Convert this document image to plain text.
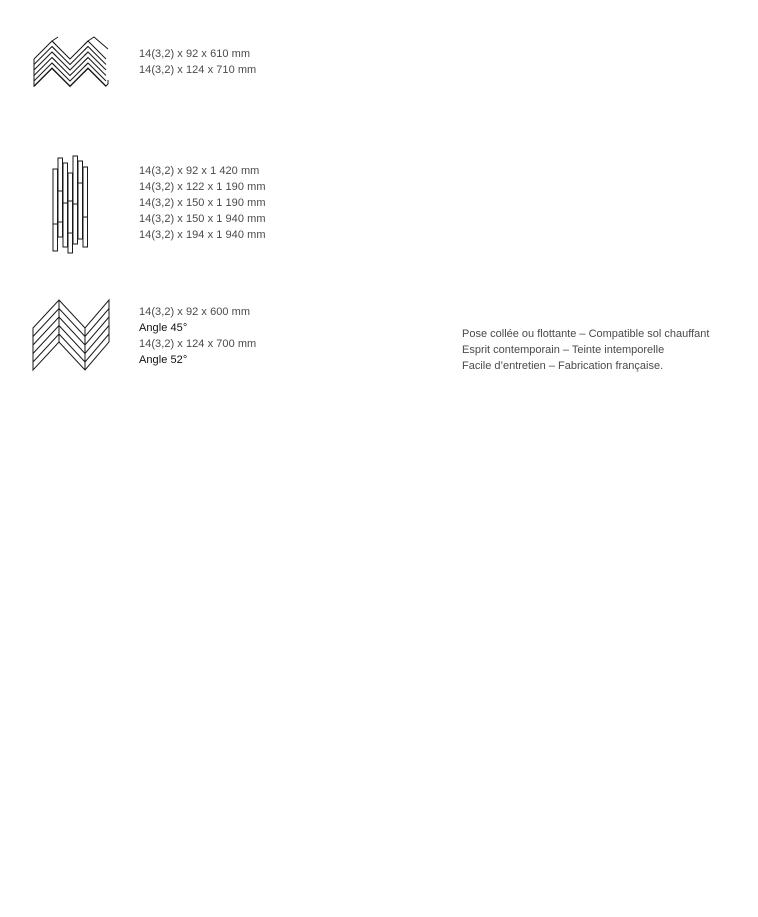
14(3,2) x 92 x 610 mm
14(3,2) x 124 x 710 mm
14(3,2) x 92 x 1 420 mm
14(3,2) x 122 x 1 190 mm
14(3,2) x 150 x 1 190 mm
14(3,2) x 150 x 1 940 mm
14(3,2) x 194 x 1 940 mm
14(3,2) x 92 x 600 mm
Angle 45°
14(3,2) x 124 x 700 mm
Angle 52°
Pose collée ou flottante – Compatible sol chauffant
Esprit contemporain – Teinte intemporelle
Facile d’entretien – Fabrication française.
